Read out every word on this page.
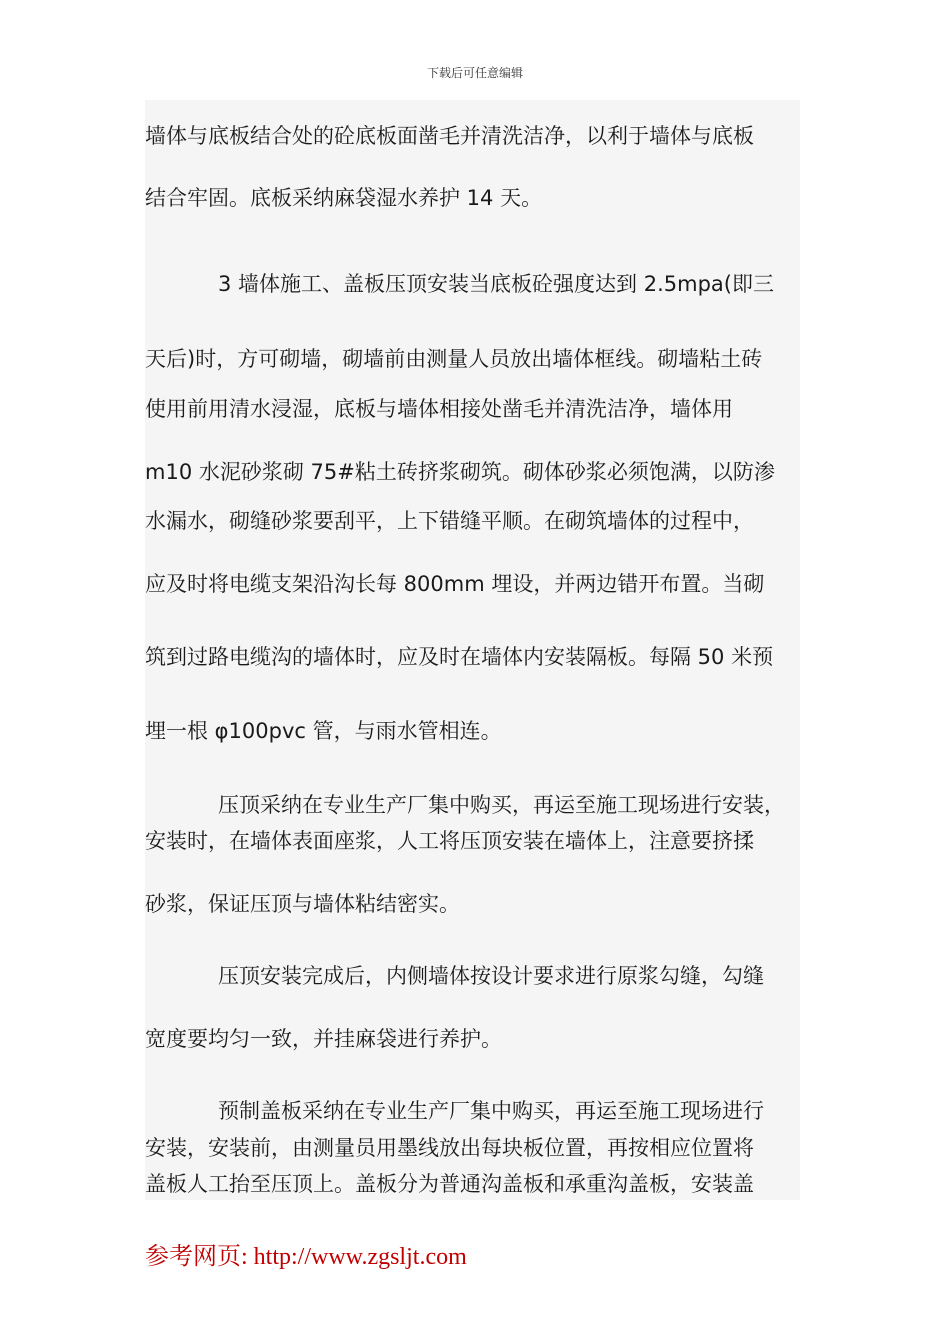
下载后可任意编辑
墙体与底板结合处的砼底板面凿毛并清洗洁净，以利于墙体与底板
结合牢固。底板采纳麻袋湿水养护 14 天。
3 墙体施工、盖板压顶安装当底板砼强度达到 2.5mpa(即三
天后)时，方可砌墙，砌墙前由测量人员放出墙体框线。砌墙粘土砖
使用前用清水浸湿，底板与墙体相接处凿毛并清洗洁净，墙体用
m10 水泥砂浆砌 75#粘土砖挤浆砌筑。砌体砂浆必须饱满，以防渗
水漏水，砌缝砂浆要刮平，上下错缝平顺。在砌筑墙体的过程中，
应及时将电缆支架沿沟长每 800mm 埋设，并两边错开布置。当砌
筑到过路电缆沟的墙体时，应及时在墙体内安装隔板。每隔 50 米预
埋一根 φ100pvc 管，与雨水管相连。
压顶采纳在专业生产厂集中购买，再运至施工现场进行安装，
安装时，在墙体表面座浆，人工将压顶安装在墙体上，注意要挤揉
砂浆，保证压顶与墙体粘结密实。
压顶安装完成后，内侧墙体按设计要求进行原浆勾缝，勾缝
宽度要均匀一致，并挂麻袋进行养护。
预制盖板采纳在专业生产厂集中购买，再运至施工现场进行
安装，安装前，由测量员用墨线放出每块板位置，再按相应位置将
盖板人工抬至压顶上。盖板分为普通沟盖板和承重沟盖板，安装盖
参考网页: http://www.zgsljt.com
